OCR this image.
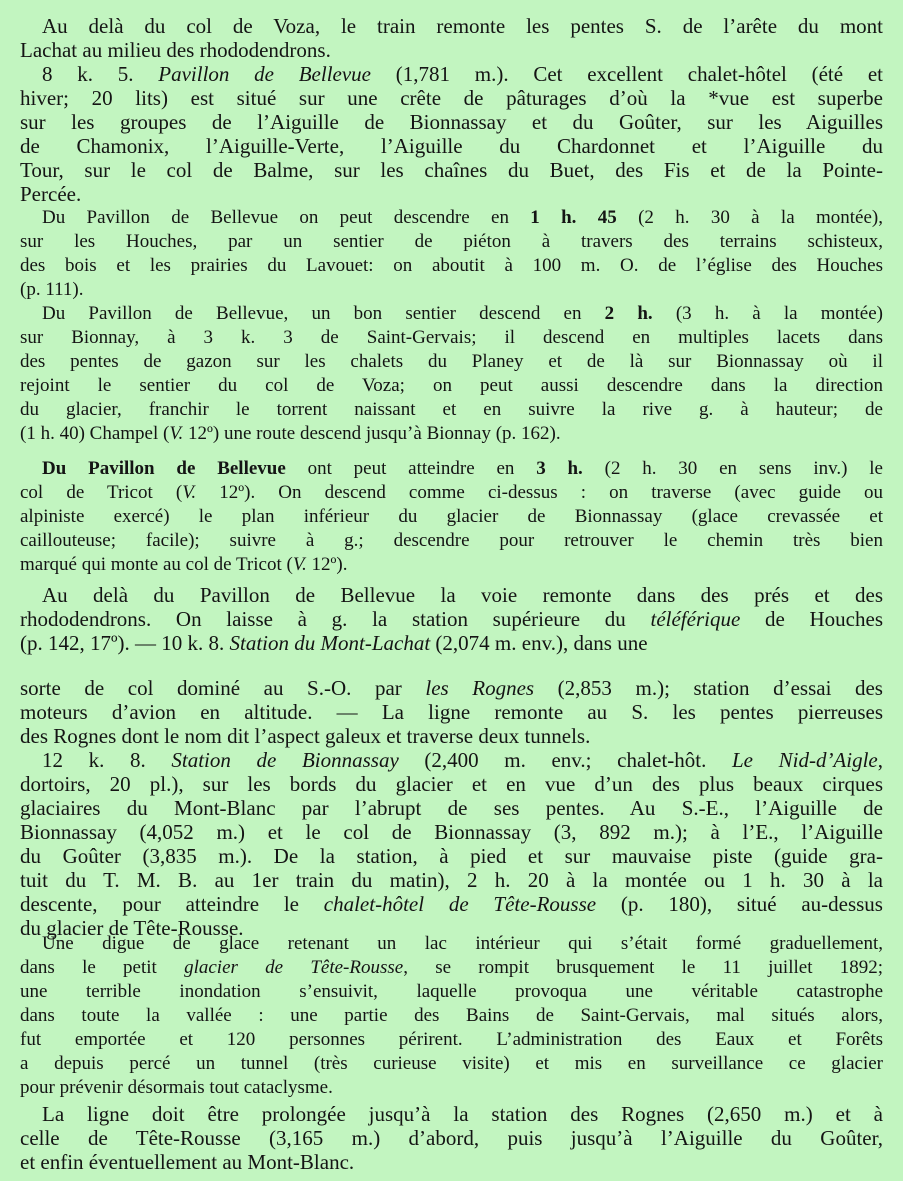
Au delà du col de Voza, le train remonte les pentes S. de l’arête du mont
Lachat au milieu des rhododendrons.
8 k. 5. Pavillon de Bellevue (1,781 m.). Cet excellent chalet-hôtel (été et
hiver; 20 lits) est situé sur une crête de pâturages d’où la *vue est superbe
sur les groupes de l’Aiguille de Bionnassay et du Goûter, sur les Aiguilles
de Chamonix, l’Aiguille-Verte, l’Aiguille du Chardonnet et l’Aiguille du
Tour, sur le col de Balme, sur les chaînes du Buet, des Fis et de la Pointe-
Percée.
Du Pavillon de Bellevue on peut descendre en 1 h. 45 (2 h. 30 à la montée),
sur les Houches, par un sentier de piéton à travers des terrains schisteux,
des bois et les prairies du Lavouet: on aboutit à 100 m. O. de l’église des Houches
(p. 111).
Du Pavillon de Bellevue, un bon sentier descend en 2 h. (3 h. à la montée)
sur Bionnay, à 3 k. 3 de Saint-Gervais; il descend en multiples lacets dans
des pentes de gazon sur les chalets du Planey et de là sur Bionnassay où il
rejoint le sentier du col de Voza; on peut aussi descendre dans la direction
du glacier, franchir le torrent naissant et en suivre la rive g. à hauteur; de
(1 h. 40) Champel (V. 12º) une route descend jusqu’à Bionnay (p. 162).
Du Pavillon de Bellevue ont peut atteindre en 3 h. (2 h. 30 en sens inv.) le
col de Tricot (V. 12º). On descend comme ci-dessus : on traverse (avec guide ou
alpiniste exercé) le plan inférieur du glacier de Bionnassay (glace crevassée et
caillouteuse; facile); suivre à g.; descendre pour retrouver le chemin très bien
marqué qui monte au col de Tricot (V. 12º).
Au delà du Pavillon de Bellevue la voie remonte dans des prés et des
rhododendrons. On laisse à g. la station supérieure du téléférique de Houches
(p. 142, 17º). — 10 k. 8. Station du Mont-Lachat (2,074 m. env.), dans une
sorte de col dominé au S.-O. par les Rognes (2,853 m.); station d’essai des
moteurs d’avion en altitude. — La ligne remonte au S. les pentes pierreuses
des Rognes dont le nom dit l’aspect galeux et traverse deux tunnels.
12 k. 8. Station de Bionnassay (2,400 m. env.; chalet-hôt. Le Nid-d’Aigle,
dortoirs, 20 pl.), sur les bords du glacier et en vue d’un des plus beaux cirques
glaciaires du Mont-Blanc par l’abrupt de ses pentes. Au S.-E., l’Aiguille de
Bionnassay (4,052 m.) et le col de Bionnassay (3, 892 m.); à l’E., l’Aiguille
du Goûter (3,835 m.). De la station, à pied et sur mauvaise piste (guide gra-
tuit du T. M. B. au 1er train du matin), 2 h. 20 à la montée ou 1 h. 30 à la
descente, pour atteindre le chalet-hôtel de Tête-Rousse (p. 180), situé au-dessus
du glacier de Tête-Rousse.
Une digue de glace retenant un lac intérieur qui s’était formé graduellement,
dans le petit glacier de Tête-Rousse, se rompit brusquement le 11 juillet 1892;
une terrible inondation s’ensuivit, laquelle provoqua une véritable catastrophe
dans toute la vallée : une partie des Bains de Saint-Gervais, mal situés alors,
fut emportée et 120 personnes périrent. L’administration des Eaux et Forêts
a depuis percé un tunnel (très curieuse visite) et mis en surveillance ce glacier
pour prévenir désormais tout cataclysme.
La ligne doit être prolongée jusqu’à la station des Rognes (2,650 m.) et à
celle de Tête-Rousse (3,165 m.) d’abord, puis jusqu’à l’Aiguille du Goûter,
et enfin éventuellement au Mont-Blanc.
